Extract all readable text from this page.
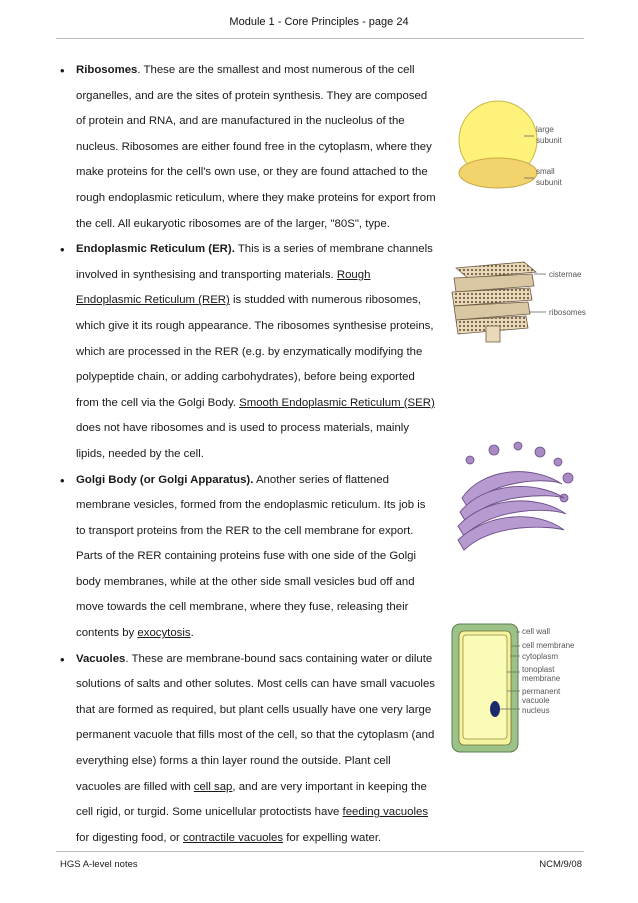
Module 1 - Core Principles - page 24
• Ribosomes. These are the smallest and most numerous of the cell organelles, and are the sites of protein synthesis. They are composed of protein and RNA, and are manufactured in the nucleolus of the nucleus. Ribosomes are either found free in the cytoplasm, where they make proteins for the cell's own use, or they are found attached to the rough endoplasmic reticulum, where they make proteins for export from the cell. All eukaryotic ribosomes are of the larger, "80S", type.
• Endoplasmic Reticulum (ER). This is a series of membrane channels involved in synthesising and transporting materials. Rough Endoplasmic Reticulum (RER) is studded with numerous ribosomes, which give it its rough appearance. The ribosomes synthesise proteins, which are processed in the RER (e.g. by enzymatically modifying the polypeptide chain, or adding carbohydrates), before being exported from the cell via the Golgi Body. Smooth Endoplasmic Reticulum (SER) does not have ribosomes and is used to process materials, mainly lipids, needed by the cell.
• Golgi Body (or Golgi Apparatus). Another series of flattened membrane vesicles, formed from the endoplasmic reticulum. Its job is to transport proteins from the RER to the cell membrane for export. Parts of the RER containing proteins fuse with one side of the Golgi body membranes, while at the other side small vesicles bud off and move towards the cell membrane, where they fuse, releasing their contents by exocytosis.
• Vacuoles. These are membrane-bound sacs containing water or dilute solutions of salts and other solutes. Most cells can have small vacuoles that are formed as required, but plant cells usually have one very large permanent vacuole that fills most of the cell, so that the cytoplasm (and everything else) forms a thin layer round the outside. Plant cell vacuoles are filled with cell sap, and are very important in keeping the cell rigid, or turgid. Some unicellular protoctists have feeding vacuoles for digesting food, or contractile vacuoles for expelling water.
large
subunit
small
subunit
cisternae
ribosomes
cell wall
cell membrane
cytoplasm
tonoplast
membrane
permanent
vacuole
nucleus
HGS A-level notes	NCM/9/08
